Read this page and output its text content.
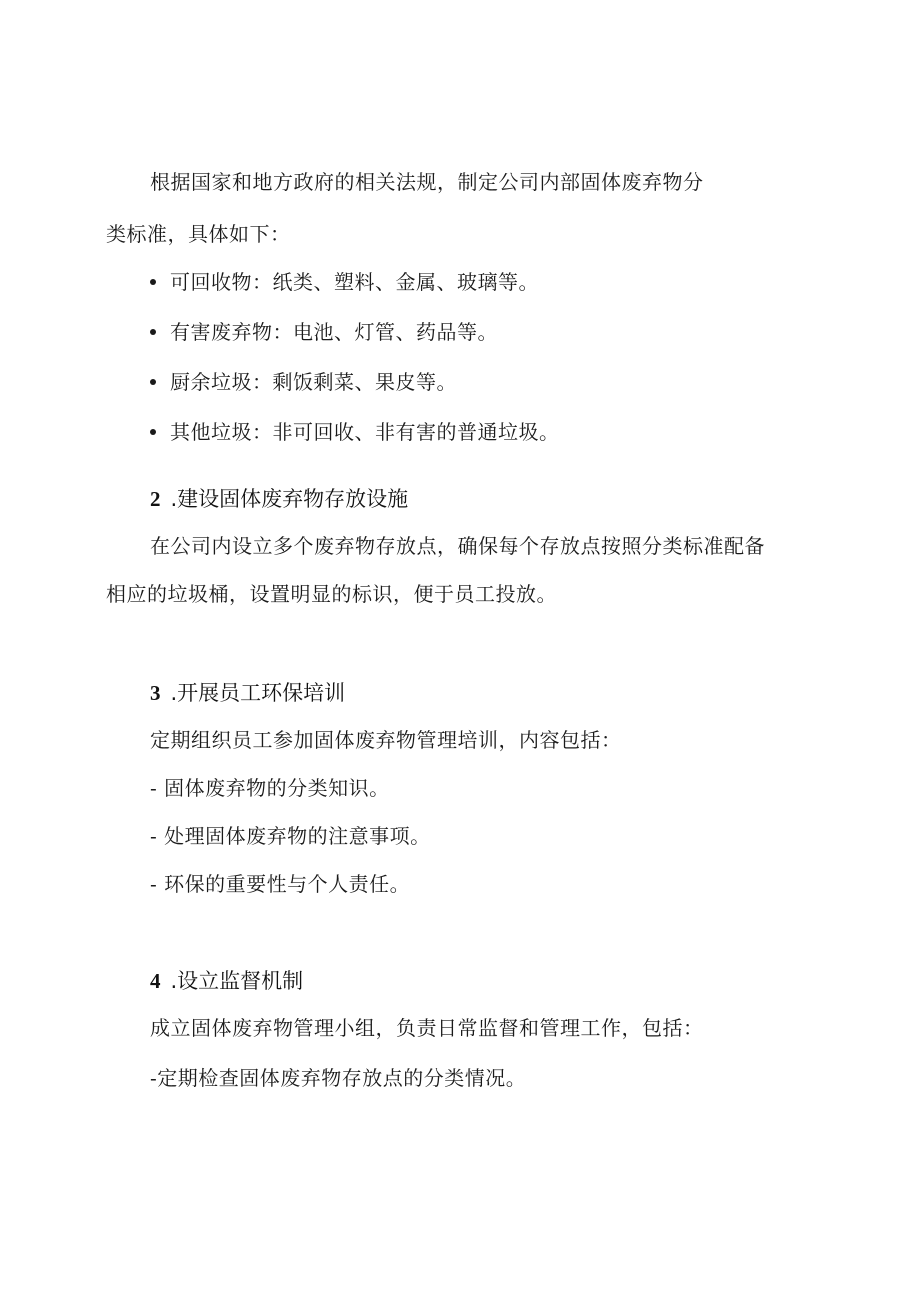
根据国家和地方政府的相关法规，制定公司内部固体废弃物分
类标准，具体如下：
可回收物：纸类、塑料、金属、玻璃等。
有害废弃物：电池、灯管、药品等。
厨余垃圾：剩饭剩菜、果皮等。
其他垃圾：非可回收、非有害的普通垃圾。
2 .建设固体废弃物存放设施
在公司内设立多个废弃物存放点，确保每个存放点按照分类标准配备
相应的垃圾桶，设置明显的标识，便于员工投放。
3 .开展员工环保培训
定期组织员工参加固体废弃物管理培训，内容包括：
- 固体废弃物的分类知识。
- 处理固体废弃物的注意事项。
- 环保的重要性与个人责任。
4 .设立监督机制
成立固体废弃物管理小组，负责日常监督和管理工作，包括：
-定期检查固体废弃物存放点的分类情况。
